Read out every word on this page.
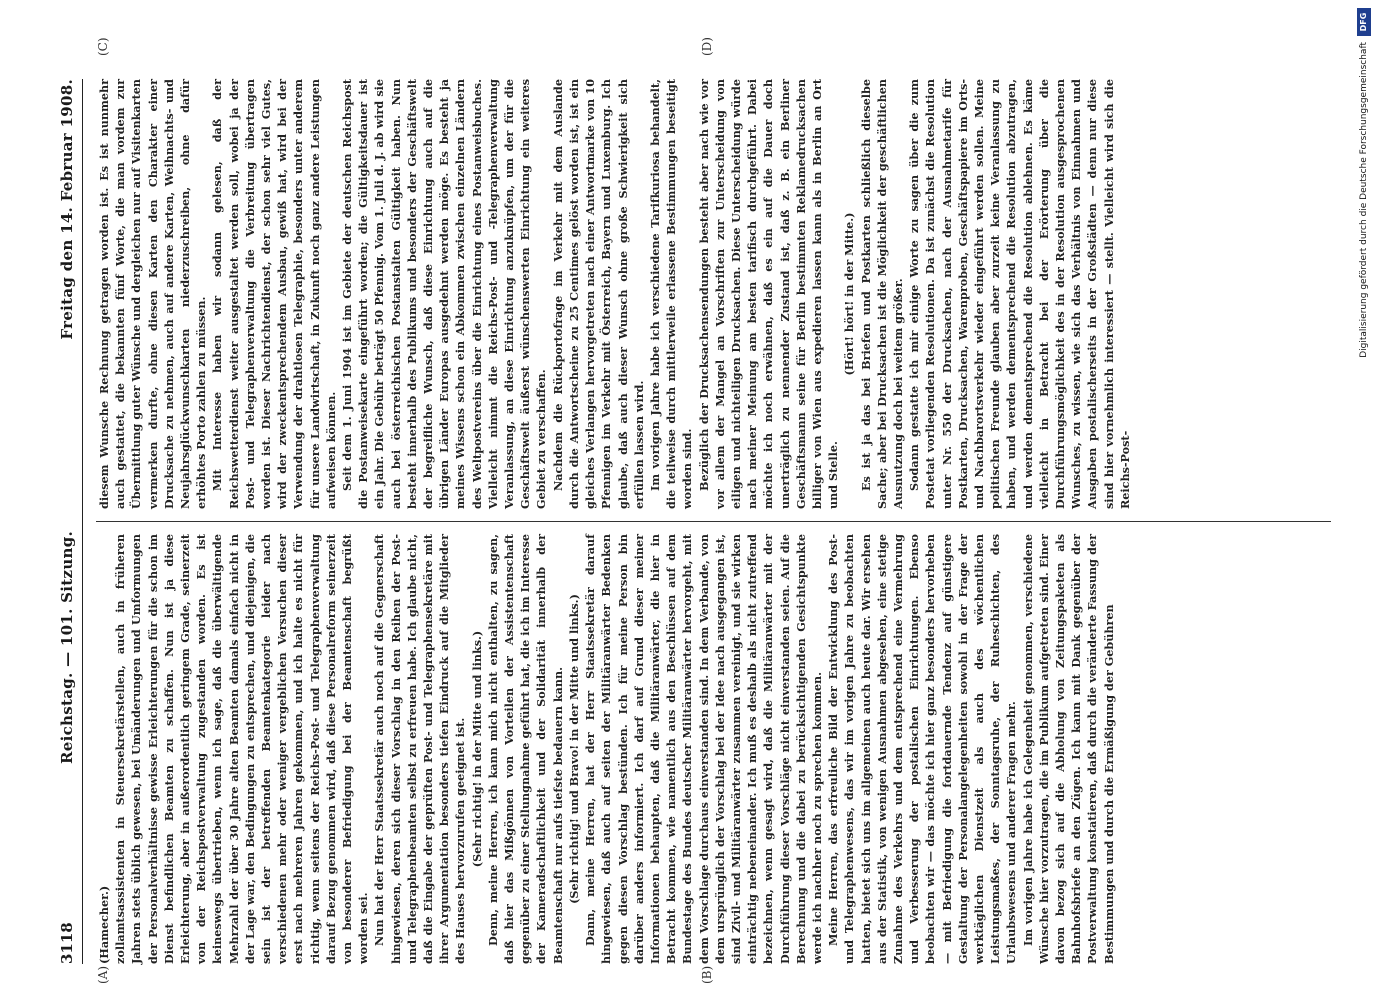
3118
Reichstag. — 101. Sitzung.
Freitag den 14. Februar 1908.

(Hamecher.) zollamtsassistenten in Steuersekretärstellen, auch in früheren Jahren stets üblich gewesen, bei Umänderungen und Umformungen der Personalverhältnisse gewisse Erleichterungen für die schon im Dienst befindlichen Beamten zu schaffen. Nun ist ja diese Erleichterung, aber in außerordentlich geringem Grade, seinerzeit von der Reichspostverwaltung zugestanden worden. Es ist keineswegs übertrieben, wenn ich sage, daß die überwältigende Mehrzahl der über 30 Jahre alten Beamten damals einfach nicht in der Lage war, den Bedingungen zu entsprechen, und diejenigen, die sein ist der betreffenden Beamtenkategorie leider nach verschiedenen mehr oder weniger vergeblichen Versuchen dieser erst nach mehreren Jahren gekommen, und ich halte es nicht für richtig, wenn seitens der Reichs-Post- und Telegraphenverwaltung darauf Bezug genommen wird, daß diese Personalreform seinerzeit von besonderer Befriedigung bei der Beamtenschaft begrüßt worden sei. Nun hat der Herr Staatssekretär auch noch auf die Gegnerschaft hingewiesen, deren sich dieser Vorschlag in den Reihen der Post- und Telegraphenbeamten selbst zu erfreuen habe. Ich glaube nicht, daß die Eingabe der geprüften Post- und Telegraphensekretäre mit ihrer Argumentation besonders tiefen Eindruck auf die Mitglieder des Hauses hervorzurufen geeignet ist. (Sehr richtig! in der Mitte und links.) Denn, meine Herren, ich kann mich nicht enthalten, zu sagen, daß hier das Mißgönnen von Vorteilen der Assistentenschaft gegenüber zu einer Stellungnahme geführt hat, die ich im Interesse der Kameradschaftlichkeit und der Solidarität innerhalb der Beamtenschaft nur aufs tiefste bedauern kann. (Sehr richtig! und Bravo! in der Mitte und links.) Dann, meine Herren, hat der Herr Staatssekretär darauf hingewiesen, daß auch auf seiten der Militäranwärter Bedenken gegen diesen Vorschlag bestünden. Ich für meine Person bin darüber anders informiert. Ich darf auf Grund dieser meiner Informationen behaupten, daß die Militäranwärter, die hier in Betracht kommen, wie namentlich aus den Beschlüssen auf dem Bundestage des Bundes deutscher Militäranwärter hervorgeht, mit dem Vorschlage durchaus einverstanden sind. In dem Verbande, von dem ursprünglich der Vorschlag bei der Idee nach ausgegangen ist, sind Zivil- und Militäranwärter zusammen vereinigt, und sie wirken einträchtig nebeneinander. Ich muß es deshalb als nicht zutreffend bezeichnen, wenn gesagt wird, daß die Militäranwärter mit der Durchführung dieser Vorschläge nicht einverstanden seien. Auf die Berechnung und die dabei zu berücksichtigenden Gesichtspunkte werde ich nachher noch zu sprechen kommen. Meine Herren, das erfreuliche Bild der Entwicklung des Post- und Telegraphenwesens, das wir im vorigen Jahre zu beobachten hatten, bietet sich uns im allgemeinen auch heute dar. Wir ersehen aus der Statistik, von wenigen Ausnahmen abgesehen, eine stetige Zunahme des Verkehrs und dem entsprechend eine Vermehrung und Verbesserung der postalischen Einrichtungen. Ebenso beobachten wir — das möchte ich hier ganz besonders hervorheben — mit Befriedigung die fortdauernde Tendenz auf günstigere Gestaltung der Personalangelegenheiten sowohl in der Frage der werktäglichen Dienstzeit als auch des wöchentlichen Leistungsmaßes, der Sonntagsruhe, der Ruheschichten, des Urlaubswesens und anderer Fragen mehr. Im vorigen Jahre habe ich Gelegenheit genommen, verschiedene Wünsche hier vorzutragen, die im Publikum aufgetreten sind. Einer davon bezog sich auf die Abholung von Zeitungspaketen als Bahnhofsbriefe an den Zügen. Ich kann mit Dank gegenüber der Postverwaltung konstatieren, daß durch die veränderte Fassung der Bestimmungen und durch die Ermäßigung der Gebühren

diesem Wunsche Rechnung getragen worden ist. Es ist nunmehr auch gestattet, die bekannten fünf Worte, die man vordem zur Übermittlung guter Wünsche und dergleichen nur auf Visitenkarten vermerken durfte, ohne diesen Karten den Charakter einer Drucksache zu nehmen, auch auf andere Karten, Weihnachts- und Neujahrsglückwunschkarten niederzuschreiben, ohne dafür erhöhtes Porto zahlen zu müssen. Mit Interesse haben wir sodann gelesen, daß der Reichswetterdienst weiter ausgestaltet werden soll, wobei ja der Post- und Telegraphenverwaltung die Verbreitung übertragen worden ist. Dieser Nachrichtendienst, der schon sehr viel Gutes, wird der zweckentsprechendem Ausbau, gewiß hat, wird bei der Verwendung der drahtlosen Telegraphie, besonders unter anderem für unsere Landwirtschaft, in Zukunft noch ganz andere Leistungen aufweisen können. Seit dem 1. Juni 1904 ist im Gebiete der deutschen Reichspost die Postanweisekarte eingeführt worden; die Gültigkeitsdauer ist ein Jahr. Die Gebühr beträgt 50 Pfennig. Vom 1. Juli d. J. ab wird sie auch bei österreichischen Postanstalten Gültigkeit haben. Nun besteht innerhalb des Publikums und besonders der Geschäftswelt der begreifliche Wunsch, daß diese Einrichtung auch auf die übrigen Länder Europas ausgedehnt werden möge. Es besteht ja meines Wissens schon ein Abkommen zwischen einzelnen Ländern des Weltpostvereins über die Einrichtung eines Postanweisbuches. Vielleicht nimmt die Reichs-Post- und -Telegraphenverwaltung Veranlassung, an diese Einrichtung anzuknüpfen, um der für die Geschäftswelt äußerst wünschenswerten Einrichtung ein weiteres Gebiet zu verschaffen. Nachdem die Rückportofrage im Verkehr mit dem Auslande durch die Antwortscheine zu 25 Centimes gelöst worden ist, ist ein gleiches Verlangen hervorgetreten nach einer Antwortmarke von 10 Pfennigen im Verkehr mit Österreich, Bayern und Luxemburg. Ich glaube, daß auch dieser Wunsch ohne große Schwierigkeit sich erfüllen lassen wird. Im vorigen Jahre habe ich verschiedene Tarifkuriosa behandelt, die teilweise durch mittlerweile erlassene Bestimmungen beseitigt worden sind. Bezüglich der Drucksachensendungen besteht aber nach wie vor vor allem der Mangel an Vorschriften zur Unterscheidung von eiligen und nichteiligen Drucksachen. Diese Unterscheidung würde nach meiner Meinung am besten tarifisch durchgeführt. Dabei möchte ich noch erwähnen, daß es ein auf die Dauer doch unerträglich zu nennender Zustand ist, daß z. B. ein Berliner Geschäftsmann seine für Berlin bestimmten Reklamedrucksachen billiger von Wien aus expedieren lassen kann als in Berlin an Ort und Stelle.

(Hört! hört! in der Mitte.) Es ist ja das bei Briefen und Postkarten schließlich dieselbe Sache; aber bei Drucksachen ist die Möglichkeit der geschäftlichen Ausnutzung doch bei weitem größer. Sodann gestatte ich mir einige Worte zu sagen über die zum Postetat vorliegenden Resolutionen. Da ist zunächst die Resolution unter Nr. 550 der Drucksachen, nach der Ausnahmetarife für Postkarten, Drucksachen, Warenproben, Geschäftspapiere im Orts- und Nachbarortsverkehr wieder eingeführt werden sollen. Meine politischen Freunde glauben aber zurzeit keine Veranlassung zu haben, und werden dementsprechend die Resolution abzutragen, und werden dementsprechend die Resolution ablehnen. Es käme vielleicht in Betracht bei der Erörterung über die Durchführungsmöglichkeit des in der Resolution ausgesprochenen Wunsches, zu wissen, wie sich das Verhältnis von Einnahmen und Ausgaben postalischerseits in der Großstädten — denn nur diese sind hier vornehmlich interessiert — stellt. Vielleicht wird sich die Reichs-Post-

(A)	(B)
(C)	(D)	Digitalisierung gefördert durch die Deutsche Forschungsgemeinschaft
DFG
